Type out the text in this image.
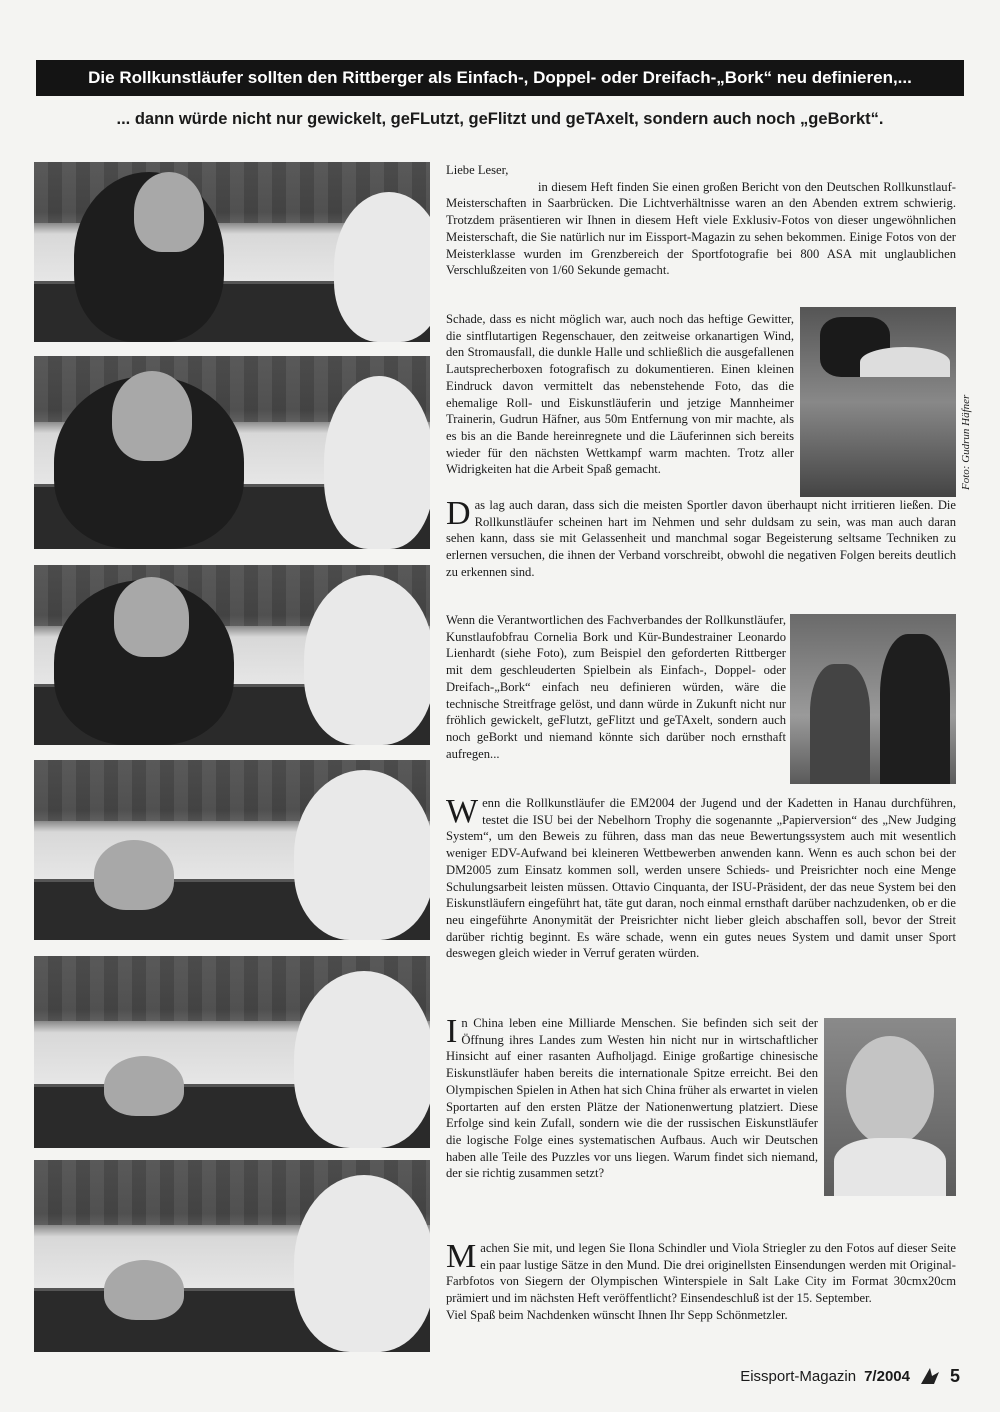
Die Rollkunstläufer sollten den Rittberger als Einfach-, Doppel- oder Dreifach-„Bork“ neu definieren,...
... dann würde nicht nur gewickelt, geFLutzt, geFlitzt und geTAxelt, sondern auch noch „geBorkt“.

Liebe Leser,

in diesem Heft finden Sie einen großen Bericht von den Deutschen Rollkunstlauf-Meisterschaften in Saarbrücken. Die Lichtverhältnisse waren an den Abenden extrem schwierig. Trotzdem präsentieren wir Ihnen in diesem Heft viele Exklusiv-Fotos von dieser ungewöhnlichen Meisterschaft, die Sie natürlich nur im Eissport-Magazin zu sehen bekommen. Einige Fotos von der Meisterklasse wurden im Grenzbereich der Sportfotografie bei 800 ASA mit unglaublichen Verschlußzeiten von 1/60 Sekunde gemacht.

Foto: Gudrun Häfner

Schade, dass es nicht möglich war, auch noch das heftige Gewitter, die sintflutartigen Regenschauer, den zeitweise orkanartigen Wind, den Stromausfall, die dunkle Halle und schließlich die ausgefallenen Lautsprecherboxen fotografisch zu dokumentieren. Einen kleinen Eindruck davon vermittelt das nebenstehende Foto, das die ehemalige Roll- und Eiskunstläuferin und jetzige Mannheimer Trainerin, Gudrun Häfner, aus 50m Entfernung von mir machte, als es bis an die Bande hereinregnete und die Läuferinnen sich bereits wieder für den nächsten Wettkampf warm machten. Trotz aller Widrigkeiten hat die Arbeit Spaß gemacht.

Das lag auch daran, dass sich die meisten Sportler davon überhaupt nicht irritieren ließen. Die Rollkunstläufer scheinen hart im Nehmen und sehr duldsam zu sein, was man auch daran sehen kann, dass sie mit Gelassenheit und manchmal sogar Begeisterung seltsame Techniken zu erlernen versuchen, die ihnen der Verband vorschreibt, obwohl die negativen Folgen bereits deutlich zu erkennen sind.

Wenn die Verantwortlichen des Fachverbandes der Rollkunstläufer, Kunstlaufobfrau Cornelia Bork und Kür-Bundestrainer Leonardo Lienhardt (siehe Foto), zum Beispiel den geforderten Rittberger mit dem geschleuderten Spielbein als Einfach-, Doppel- oder Dreifach-„Bork“ einfach neu definieren würden, wäre die technische Streitfrage gelöst, und dann würde in Zukunft nicht nur fröhlich gewickelt, geFlutzt, geFlitzt und geTAxelt, sondern auch noch geBorkt und niemand könnte sich darüber noch ernsthaft aufregen...

Wenn die Rollkunstläufer die EM2004 der Jugend und der Kadetten in Hanau durchführen, testet die ISU bei der Nebelhorn Trophy die sogenannte „Papierversion“ des „New Judging System“, um den Beweis zu führen, dass man das neue Bewertungssystem auch mit wesentlich weniger EDV-Aufwand bei kleineren Wettbewerben anwenden kann. Wenn es auch schon bei der DM2005 zum Einsatz kommen soll, werden unsere Schieds- und Preisrichter noch eine Menge Schulungsarbeit leisten müssen. Ottavio Cinquanta, der ISU-Präsident, der das neue System bei den Eiskunstläufern eingeführt hat, täte gut daran, noch einmal ernsthaft darüber nachzudenken, ob er die neu eingeführte Anonymität der Preisrichter nicht lieber gleich abschaffen soll, bevor der Streit darüber richtig beginnt. Es wäre schade, wenn ein gutes neues System und damit unser Sport deswegen gleich wieder in Verruf geraten würden.

In China leben eine Milliarde Menschen. Sie befinden sich seit der Öffnung ihres Landes zum Westen hin nicht nur in wirtschaftlicher Hinsicht auf einer rasanten Aufholjagd. Einige großartige chinesische Eiskunstläufer haben bereits die internationale Spitze erreicht. Bei den Olympischen Spielen in Athen hat sich China früher als erwartet in vielen Sportarten auf den ersten Plätze der Nationenwertung platziert. Diese Erfolge sind kein Zufall, sondern wie die der russischen Eiskunstläufer die logische Folge eines systematischen Aufbaus. Auch wir Deutschen haben alle Teile des Puzzles vor uns liegen. Warum findet sich niemand, der sie richtig zusammen setzt?

Machen Sie mit, und legen Sie Ilona Schindler und Viola Striegler zu den Fotos auf dieser Seite ein paar lustige Sätze in den Mund. Die drei originellsten Einsendungen werden mit Original-Farbfotos von Siegern der Olympischen Winterspiele in Salt Lake City im Format 30cmx20cm prämiert und im nächsten Heft veröffentlicht? Einsendeschluß ist der 15. September.

Viel Spaß beim Nachdenken wünscht Ihnen Ihr Sepp Schönmetzler.

Eissport-Magazin 7/2004 5
